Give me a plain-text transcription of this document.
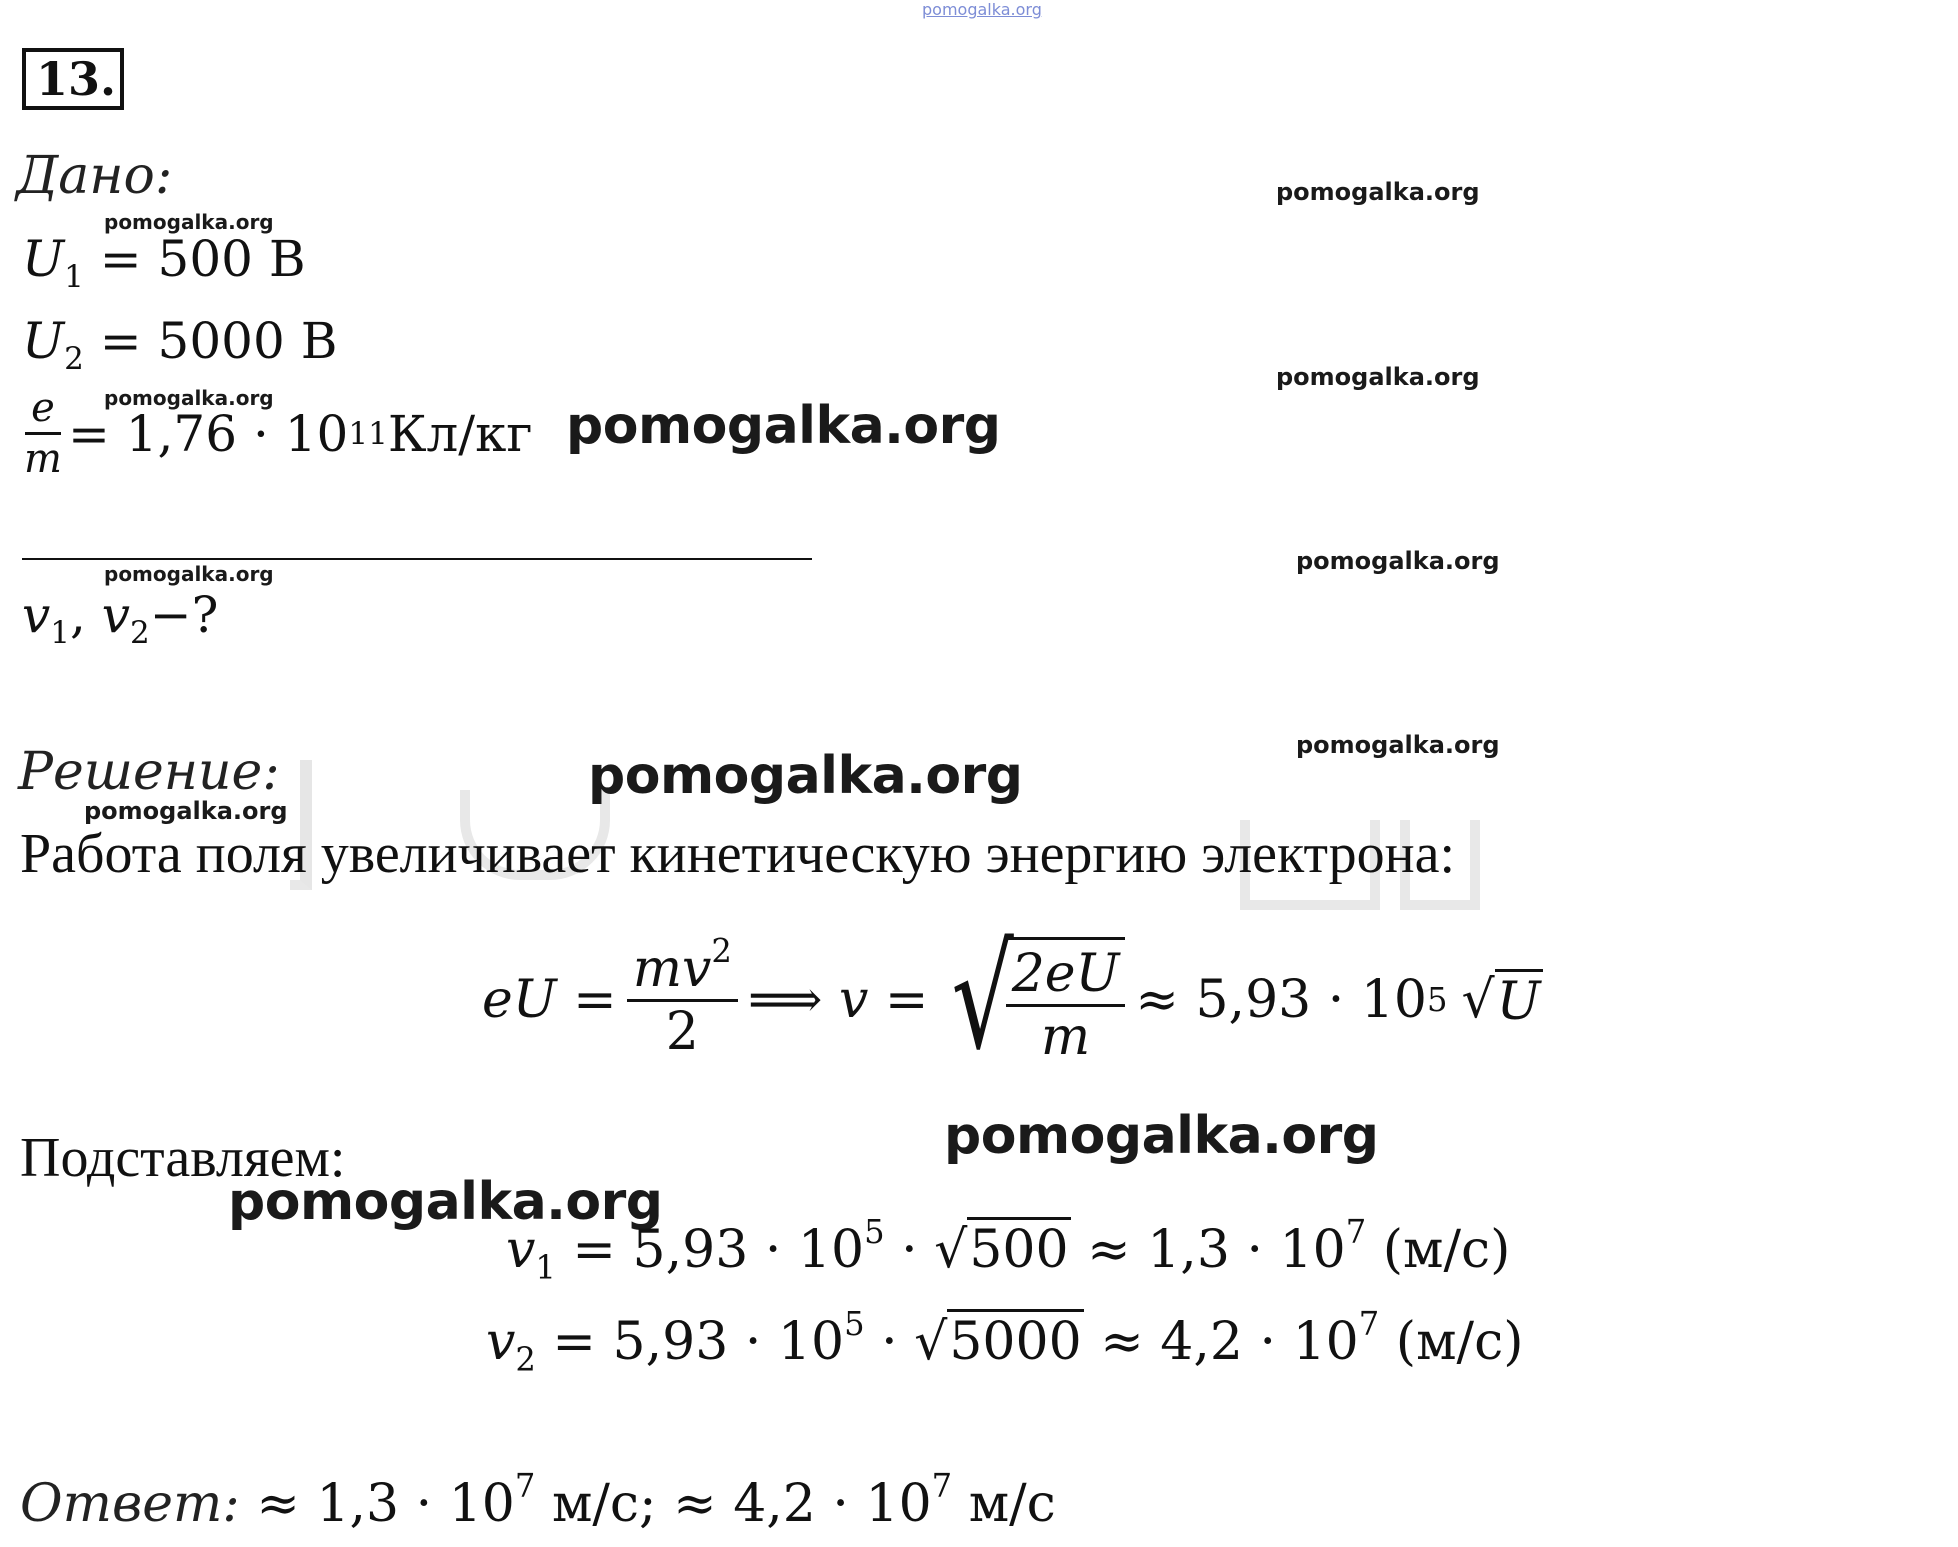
pomogalka.org
13.
Дано:	pomogalka.org
pomogalka.org
pomogalka.org
pomogalka.org
pomogalka.org
pomogalka.org
pomogalka.org
pomogalka.org
$U_1 = 500$ В
$U_2 = 5000$ В
$\frac{e}{m} = 1,76 \cdot 10$ 11 Кл/кг pomogalka.org
$v_1$, $v_2-$?
Решение:	pomogalka.org
Работа поля увеличивает кинетическую энергию электрона:
eU = $\frac{mv^2}{2}$ ⟹ v = √
$\frac{2eU}{m} \approx 5,93 \cdot 10$ 5 √ U
Подставляем:	pomogalka.org
pomogalka.org
$v_1 = 5,93 \cdot 10^5 \cdot √500 \approx 1,3 \cdot 10^7$ (м/с)
$v_2 = 5,93 \cdot 10^5 \cdot √5000 \approx 4,2 \cdot 10^7$ (м/с)
Ответ: ≈ $1,3 \cdot 10^7$ м/с; ≈ $4,2 \cdot 10^7$ м/с
